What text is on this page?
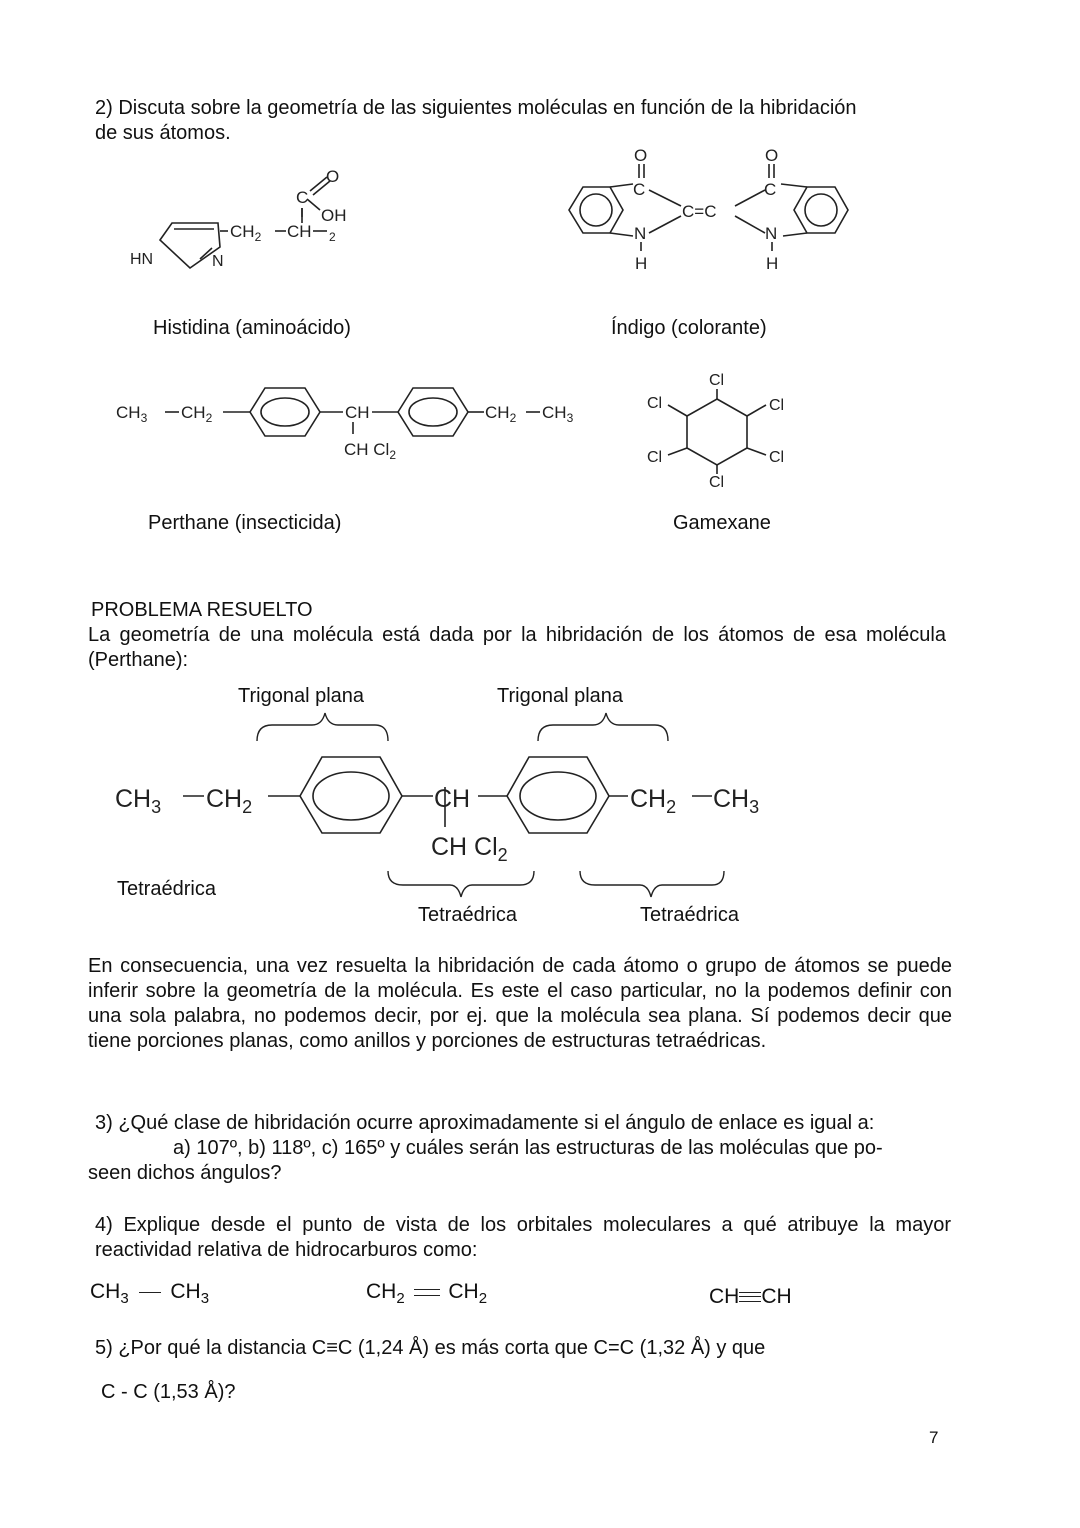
2) Discuta sobre la geometría de las siguientes moléculas en función de la hibridación
de sus átomos.
O
C
OH
$CH_2$ CH $_2$
HN	N
Histidina (aminoácido)
C
O
N
H
C=C
C
O
N
H
Índigo (colorante)
$CH_3$ $CH_2$	CH
CH $Cl_2$
$CH_2$ $CH_3$
Perthane (insecticida)
Cl
Cl	Cl
Cl	Cl
Cl
Gamexane
PROBLEMA RESUELTO
La geometría de una molécula está dada por la hibridación de los átomos de esa molécula (Perthane):
Trigonal plana	Trigonal plana
$CH_3$ $CH_2$	CH	$CH_2$ $CH_3$
CH $Cl_2$
Tetraédrica
Tetraédrica	Tetraédrica
En consecuencia, una vez resuelta la hibridación de cada átomo o grupo de átomos se puede inferir sobre la geometría de la molécula. Es este el caso particular, no la podemos definir con una sola palabra, no podemos decir, por ej. que la molécula sea plana. Sí podemos decir que tiene porciones planas, como anillos y porciones de estructuras tetraédricas.
3) ¿Qué clase de hibridación ocurre aproximadamente si el ángulo de enlace es igual a:
a) 107º, b) 118º, c) 165º y cuáles serán las estructuras de las moléculas que po-
seen dichos ángulos?
4) Explique desde el punto de vista de los orbitales moleculares a qué atribuye la mayor reactividad relativa de hidrocarburos como:
$CH_3$ $CH_3$	$CH_2$ $CH_2$	CH CH
5) ¿Por qué la distancia C≡C (1,24 Å) es más corta que C=C (1,32 Å) y que
C - C (1,53 Å)?
7
